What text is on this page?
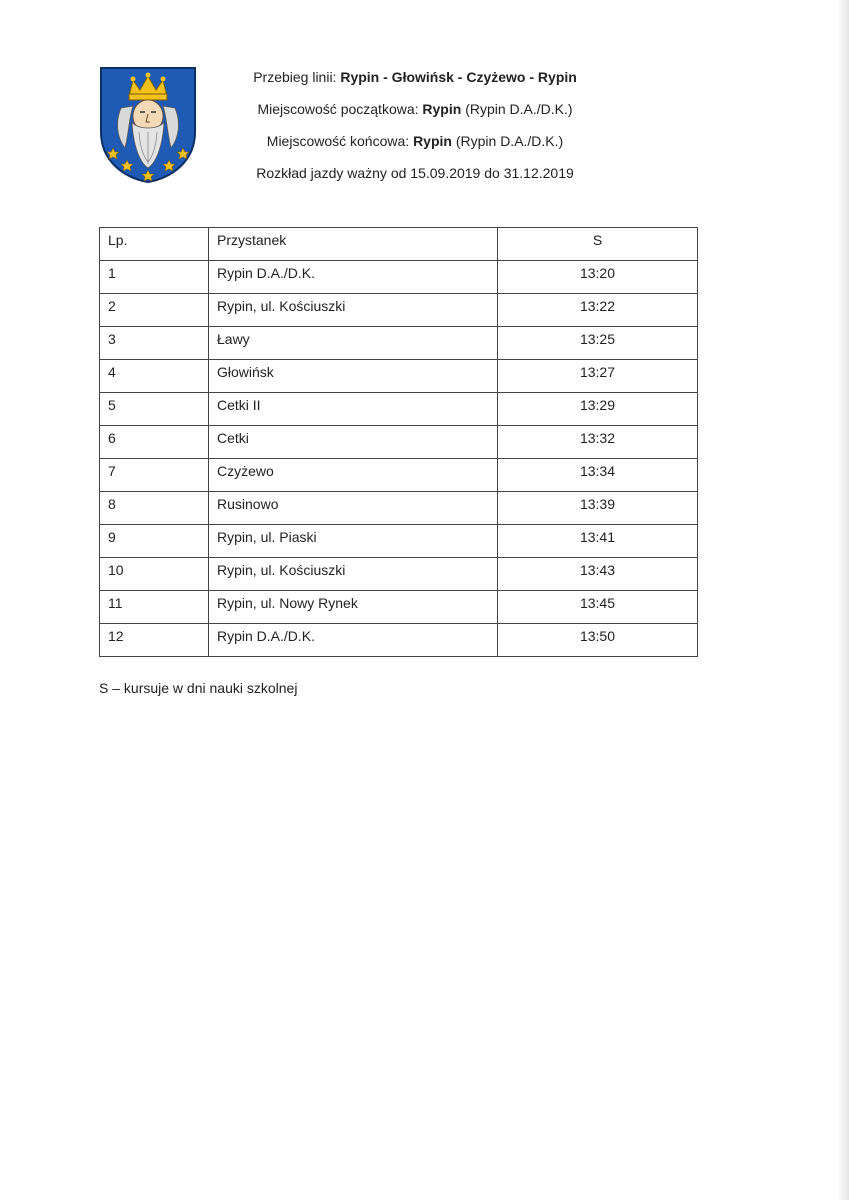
Przebieg linii: Rypin - Głowińsk - Czyżewo - Rypin
Miejscowość początkowa: Rypin (Rypin D.A./D.K.)
Miejscowość końcowa: Rypin (Rypin D.A./D.K.)
Rozkład jazdy ważny od 15.09.2019 do 31.12.2019
Lp.	Przystanek	S
1	Rypin D.A./D.K.	13:20
2	Rypin, ul. Kościuszki	13:22
3	Ławy	13:25
4	Głowińsk	13:27
5	Cetki II	13:29
6	Cetki	13:32
7	Czyżewo	13:34
8	Rusinowo	13:39
9	Rypin, ul. Piaski	13:41
10	Rypin, ul. Kościuszki	13:43
11	Rypin, ul. Nowy Rynek	13:45
12	Rypin D.A./D.K.	13:50
S – kursuje w dni nauki szkolnej
